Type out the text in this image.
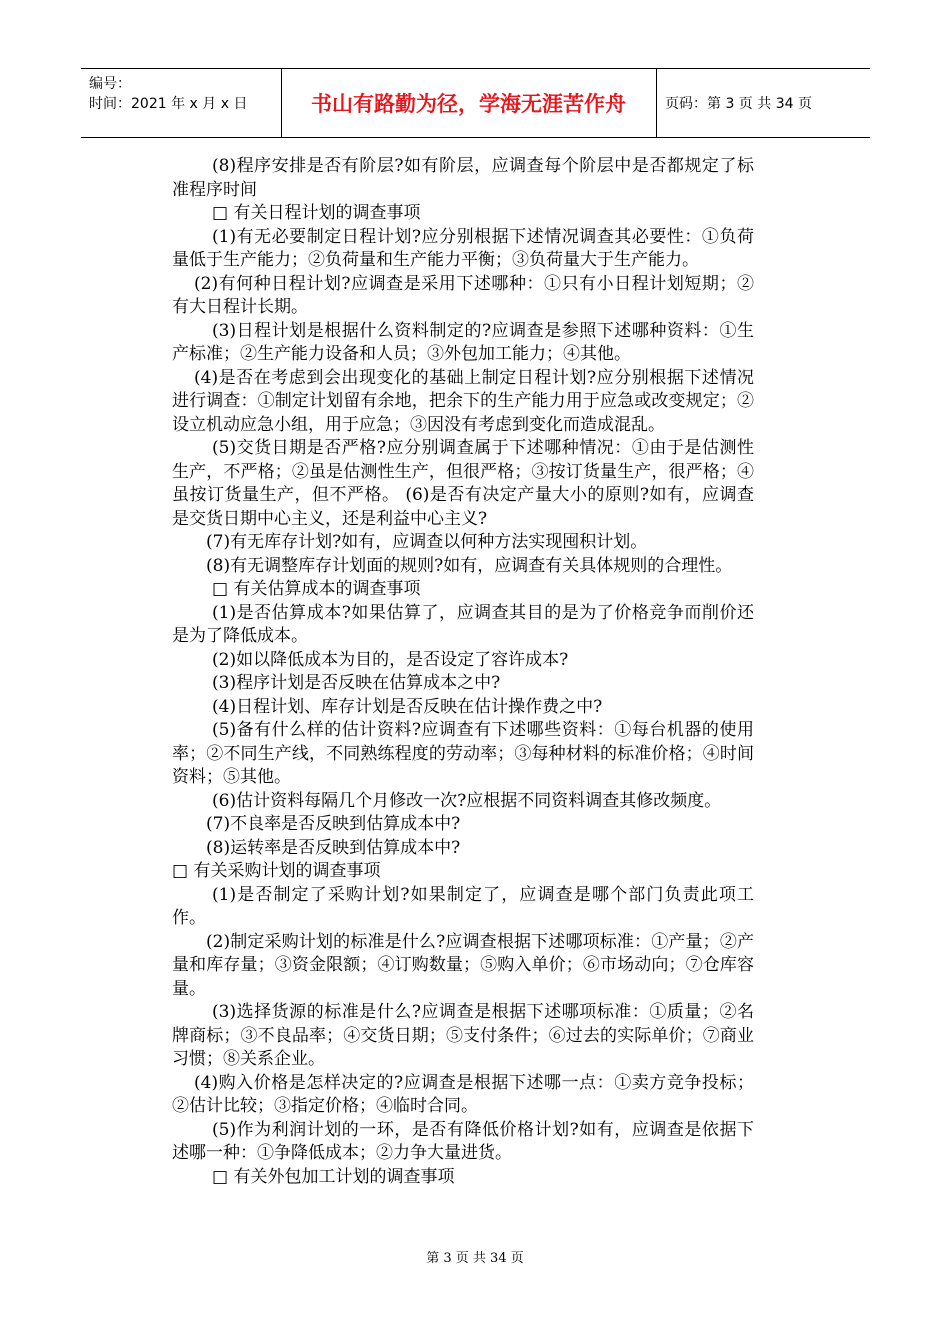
编号：
时间：2021 年 x 月 x 日	书山有路勤为径，学海无涯苦作舟	页码：第 3 页 共 34 页

(8)程序安排是否有阶层?如有阶层，应调查每个阶层中是否都规定了标准程序时间

□ 有关日程计划的调查事项

(1)有无必要制定日程计划?应分别根据下述情况调查其必要性：①负荷量低于生产能力；②负荷量和生产能力平衡；③负荷量大于生产能力。

(2)有何种日程计划?应调查是采用下述哪种：①只有小日程计划短期；②有大日程计长期。

(3)日程计划是根据什么资料制定的?应调查是参照下述哪种资料：①生产标准；②生产能力设备和人员；③外包加工能力；④其他。

(4)是否在考虑到会出现变化的基础上制定日程计划?应分别根据下述情况进行调查：①制定计划留有余地，把余下的生产能力用于应急或改变规定；②设立机动应急小组，用于应急；③因没有考虑到变化而造成混乱。

(5)交货日期是否严格?应分别调查属于下述哪种情况：①由于是估测性生产，不严格；②虽是估测性生产，但很严格；③按订货量生产，很严格；④虽按订货量生产，但不严格。 (6)是否有决定产量大小的原则?如有，应调查是交货日期中心主义，还是利益中心主义?

(7)有无库存计划?如有，应调查以何种方法实现囤积计划。

(8)有无调整库存计划面的规则?如有，应调查有关具体规则的合理性。

□ 有关估算成本的调查事项

(1)是否估算成本?如果估算了，应调查其目的是为了价格竞争而削价还是为了降低成本。

(2)如以降低成本为目的，是否设定了容许成本?

(3)程序计划是否反映在估算成本之中?

(4)日程计划、库存计划是否反映在估计操作费之中?

(5)备有什么样的估计资料?应调查有下述哪些资料：①每台机器的使用率；②不同生产线，不同熟练程度的劳动率；③每种材料的标准价格；④时间资料；⑤其他。

(6)估计资料每隔几个月修改一次?应根据不同资料调查其修改频度。

(7)不良率是否反映到估算成本中?

(8)运转率是否反映到估算成本中?

□ 有关采购计划的调查事项

(1)是否制定了采购计划?如果制定了，应调查是哪个部门负责此项工作。

(2)制定采购计划的标准是什么?应调查根据下述哪项标准：①产量；②产量和库存量；③资金限额；④订购数量；⑤购入单价；⑥市场动向；⑦仓库容量。

(3)选择货源的标准是什么?应调查是根据下述哪项标准：①质量；②名牌商标；③不良品率；④交货日期；⑤支付条件；⑥过去的实际单价；⑦商业习惯；⑧关系企业。

(4)购入价格是怎样决定的?应调查是根据下述哪一点：①卖方竞争投标；②估计比较；③指定价格；④临时合同。

(5)作为利润计划的一环，是否有降低价格计划?如有，应调查是依据下述哪一种：①争降低成本；②力争大量进货。

□ 有关外包加工计划的调查事项

第 3 页 共 34 页
